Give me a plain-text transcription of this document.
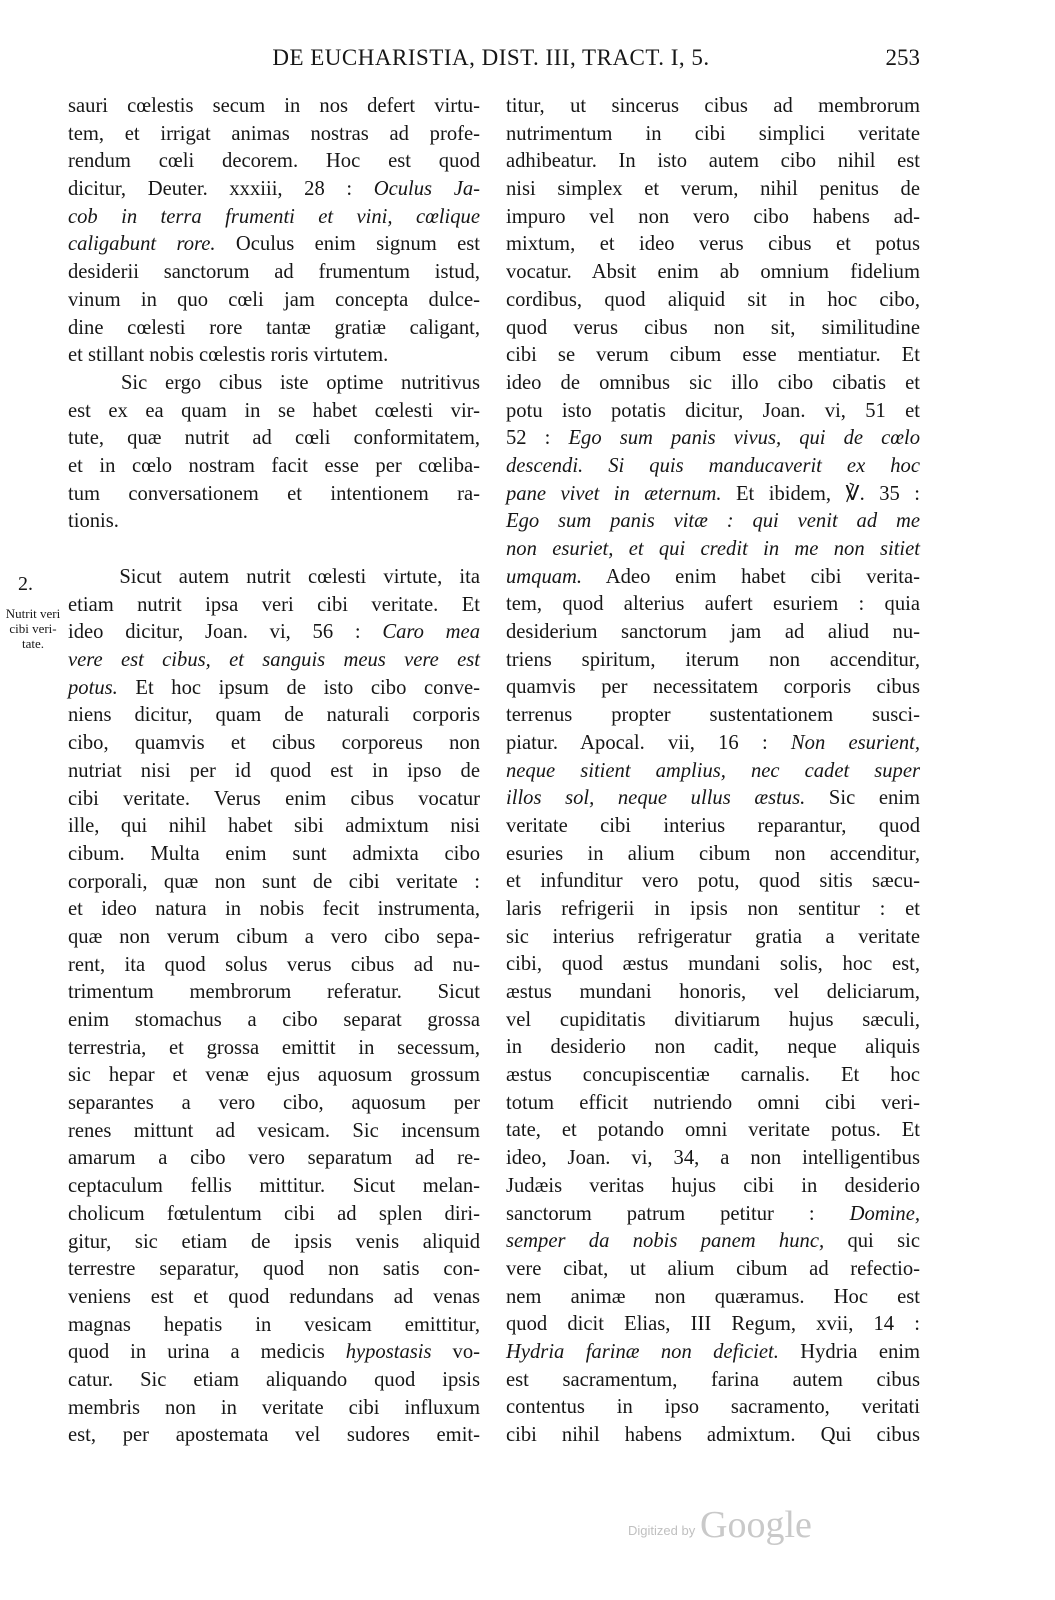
DE EUCHARISTIA, DIST. III, TRACT. I, 5.	253
2.
Nutrit veri
cibi veri-
tate.
sauri cœlestis secum in nos defert virtu-
tem, et irrigat animas nostras ad profe-
rendum cœli decorem. Hoc est quod
dicitur, Deuter. xxxiii, 28 : Oculus Ja-
cob in terra frumenti et vini, cœlique
caligabunt rore. Oculus enim signum est
desiderii sanctorum ad frumentum istud,
vinum in quo cœli jam concepta dulce-
dine cœlesti rore tantæ gratiæ caligant,
et stillant nobis cœlestis roris virtutem.
Sic ergo cibus iste optime nutritivus
est ex ea quam in se habet cœlesti vir-
tute, quæ nutrit ad cœli conformitatem,
et in cœlo nostram facit esse per cœliba-
tum conversationem et intentionem ra-
tionis.
Sicut autem nutrit cœlesti virtute, ita
etiam nutrit ipsa veri cibi veritate. Et
ideo dicitur, Joan. vi, 56 : Caro mea
vere est cibus, et sanguis meus vere est
potus. Et hoc ipsum de isto cibo conve-
niens dicitur, quam de naturali corporis
cibo, quamvis et cibus corporeus non
nutriat nisi per id quod est in ipso de
cibi veritate. Verus enim cibus vocatur
ille, qui nihil habet sibi admixtum nisi
cibum. Multa enim sunt admixta cibo
corporali, quæ non sunt de cibi veritate :
et ideo natura in nobis fecit instrumenta,
quæ non verum cibum a vero cibo sepa-
rent, ita quod solus verus cibus ad nu-
trimentum membrorum referatur. Sicut
enim stomachus a cibo separat grossa
terrestria, et grossa emittit in secessum,
sic hepar et venæ ejus aquosum grossum
separantes a vero cibo, aquosum per
renes mittunt ad vesicam. Sic incensum
amarum a cibo vero separatum ad re-
ceptaculum fellis mittitur. Sicut melan-
cholicum fœtulentum cibi ad splen diri-
gitur, sic etiam de ipsis venis aliquid
terrestre separatur, quod non satis con-
veniens est et quod redundans ad venas
magnas hepatis in vesicam emittitur,
quod in urina a medicis hypostasis vo-
catur. Sic etiam aliquando quod ipsis
membris non in veritate cibi influxum
est, per apostemata vel sudores emit-
titur, ut sincerus cibus ad membrorum
nutrimentum in cibi simplici veritate
adhibeatur. In isto autem cibo nihil est
nisi simplex et verum, nihil penitus de
impuro vel non vero cibo habens ad-
mixtum, et ideo verus cibus et potus
vocatur. Absit enim ab omnium fidelium
cordibus, quod aliquid sit in hoc cibo,
quod verus cibus non sit, similitudine
cibi se verum cibum esse mentiatur. Et
ideo de omnibus sic illo cibo cibatis et
potu isto potatis dicitur, Joan. vi, 51 et
52 : Ego sum panis vivus, qui de cœlo
descendi. Si quis manducaverit ex hoc
pane vivet in æternum. Et ibidem, ℣. 35 :
Ego sum panis vitæ : qui venit ad me
non esuriet, et qui credit in me non sitiet
umquam. Adeo enim habet cibi verita-
tem, quod alterius aufert esuriem : quia
desiderium sanctorum jam ad aliud nu-
triens spiritum, iterum non accenditur,
quamvis per necessitatem corporis cibus
terrenus propter sustentationem susci-
piatur. Apocal. vii, 16 : Non esurient,
neque sitient amplius, nec cadet super
illos sol, neque ullus æstus. Sic enim
veritate cibi interius reparantur, quod
esuries in alium cibum non accenditur,
et infunditur vero potu, quod sitis sæcu-
laris refrigerii in ipsis non sentitur : et
sic interius refrigeratur gratia a veritate
cibi, quod æstus mundani solis, hoc est,
æstus mundani honoris, vel deliciarum,
vel cupiditatis divitiarum hujus sæculi,
in desiderio non cadit, neque aliquis
æstus concupiscentiæ carnalis. Et hoc
totum efficit nutriendo omni cibi veri-
tate, et potando omni veritate potus. Et
ideo, Joan. vi, 34, a non intelligentibus
Judæis veritas hujus cibi in desiderio
sanctorum patrum petitur : Domine,
semper da nobis panem hunc, qui sic
vere cibat, ut alium cibum ad refectio-
nem animæ non quæramus. Hoc est
quod dicit Elias, III Regum, xvii, 14 :
Hydria farinæ non deficiet. Hydria enim
est sacramentum, farina autem cibus
contentus in ipso sacramento, veritati
cibi nihil habens admixtum. Qui cibus
Digitized by Google
